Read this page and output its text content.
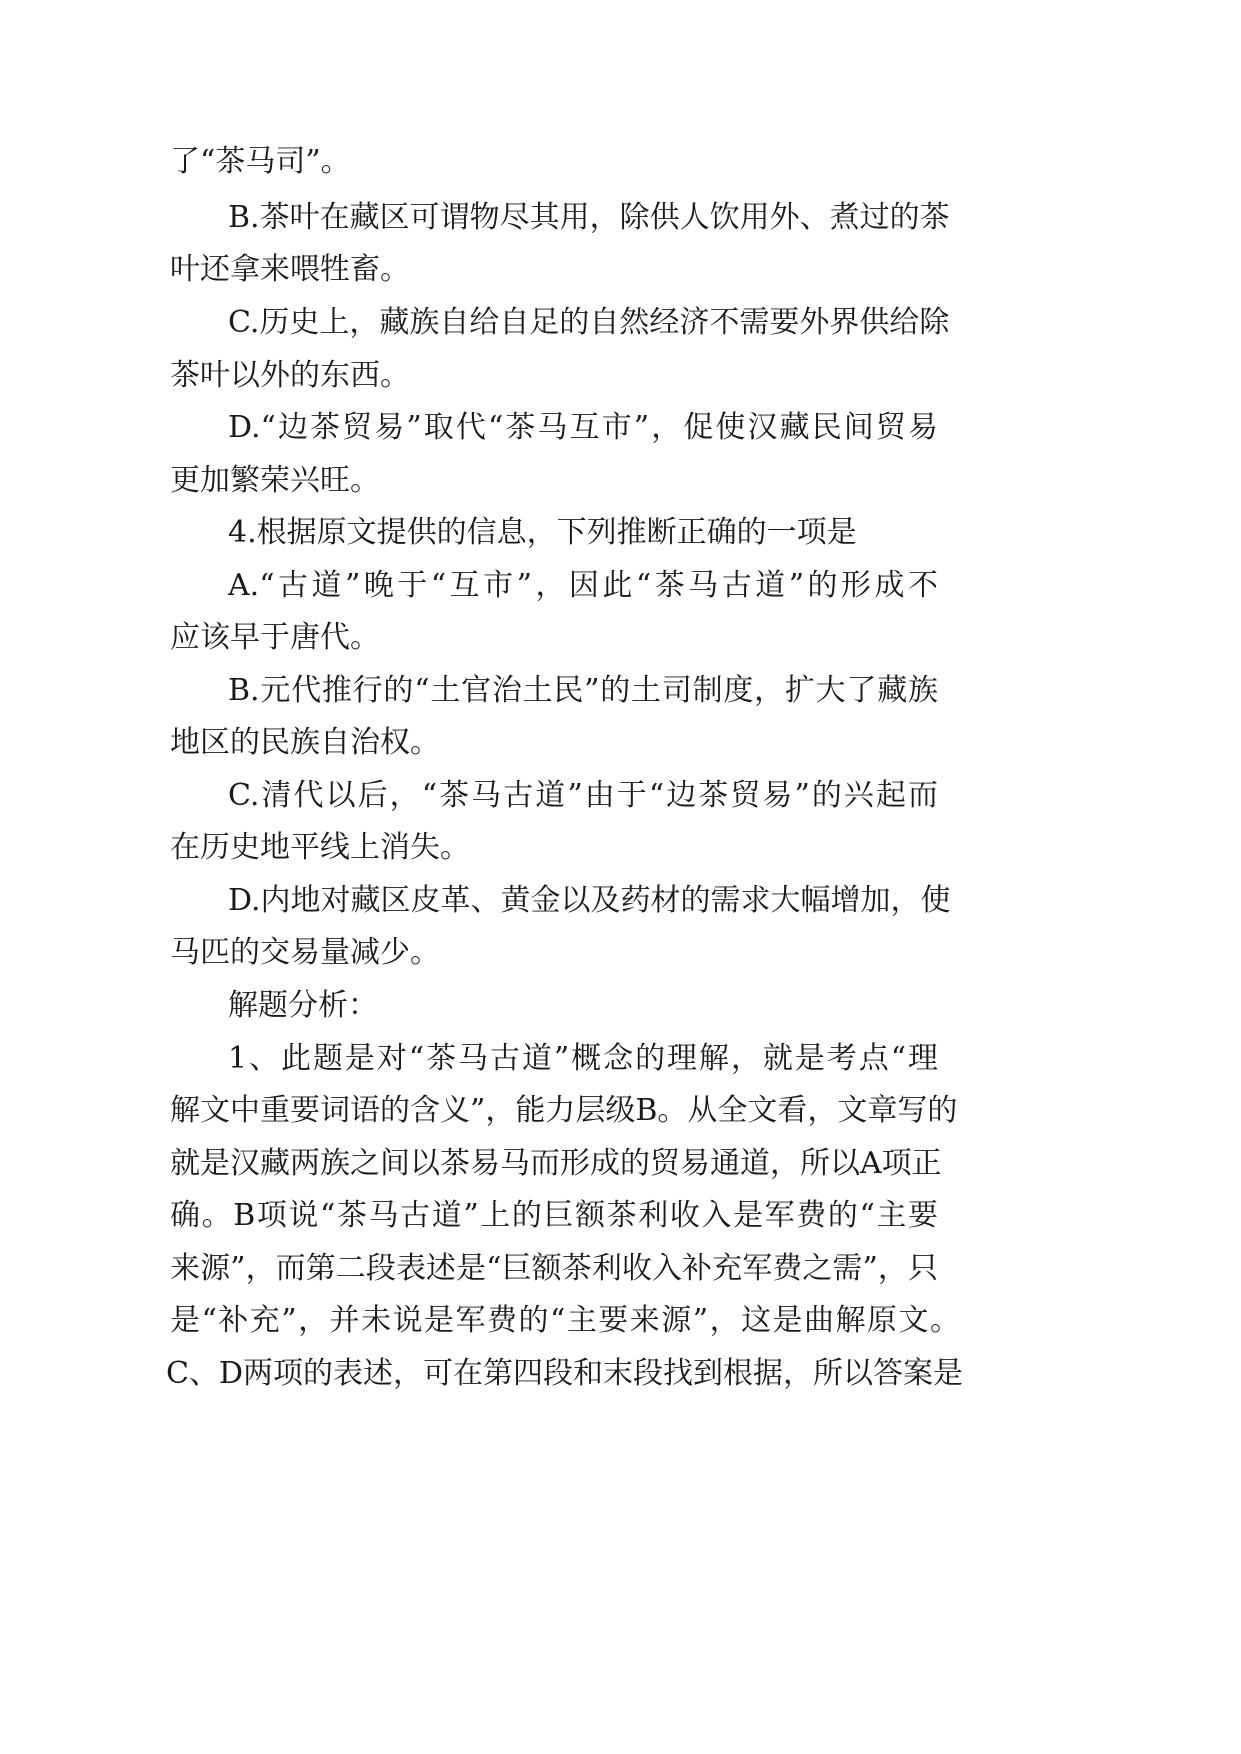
了“茶马司”。
B.茶叶在藏区可谓物尽其用，除供人饮用外、煮过的茶
叶还拿来喂牲畜。
C.历史上，藏族自给自足的自然经济不需要外界供给除
茶叶以外的东西。
D.“边茶贸易”取代“茶马互市”，促使汉藏民间贸易
更加繁荣兴旺。
4.根据原文提供的信息，下列推断正确的一项是
A.“古道”晚于“互市”，因此“茶马古道”的形成不
应该早于唐代。
B.元代推行的“土官治土民”的土司制度，扩大了藏族
地区的民族自治权。
C.清代以后，“茶马古道”由于“边茶贸易”的兴起而
在历史地平线上消失。
D.内地对藏区皮革、黄金以及药材的需求大幅增加，使
马匹的交易量减少。
解题分析：
1、此题是对“茶马古道”概念的理解，就是考点“理
解文中重要词语的含义”，能力层级B。从全文看，文章写的
就是汉藏两族之间以茶易马而形成的贸易通道，所以A项正
确。B项说“茶马古道”上的巨额茶利收入是军费的“主要
来源”，而第二段表述是“巨额茶利收入补充军费之需”，只
是“补充”，并未说是军费的“主要来源”，这是曲解原文。
C、D两项的表述，可在第四段和末段找到根据，所以答案是
